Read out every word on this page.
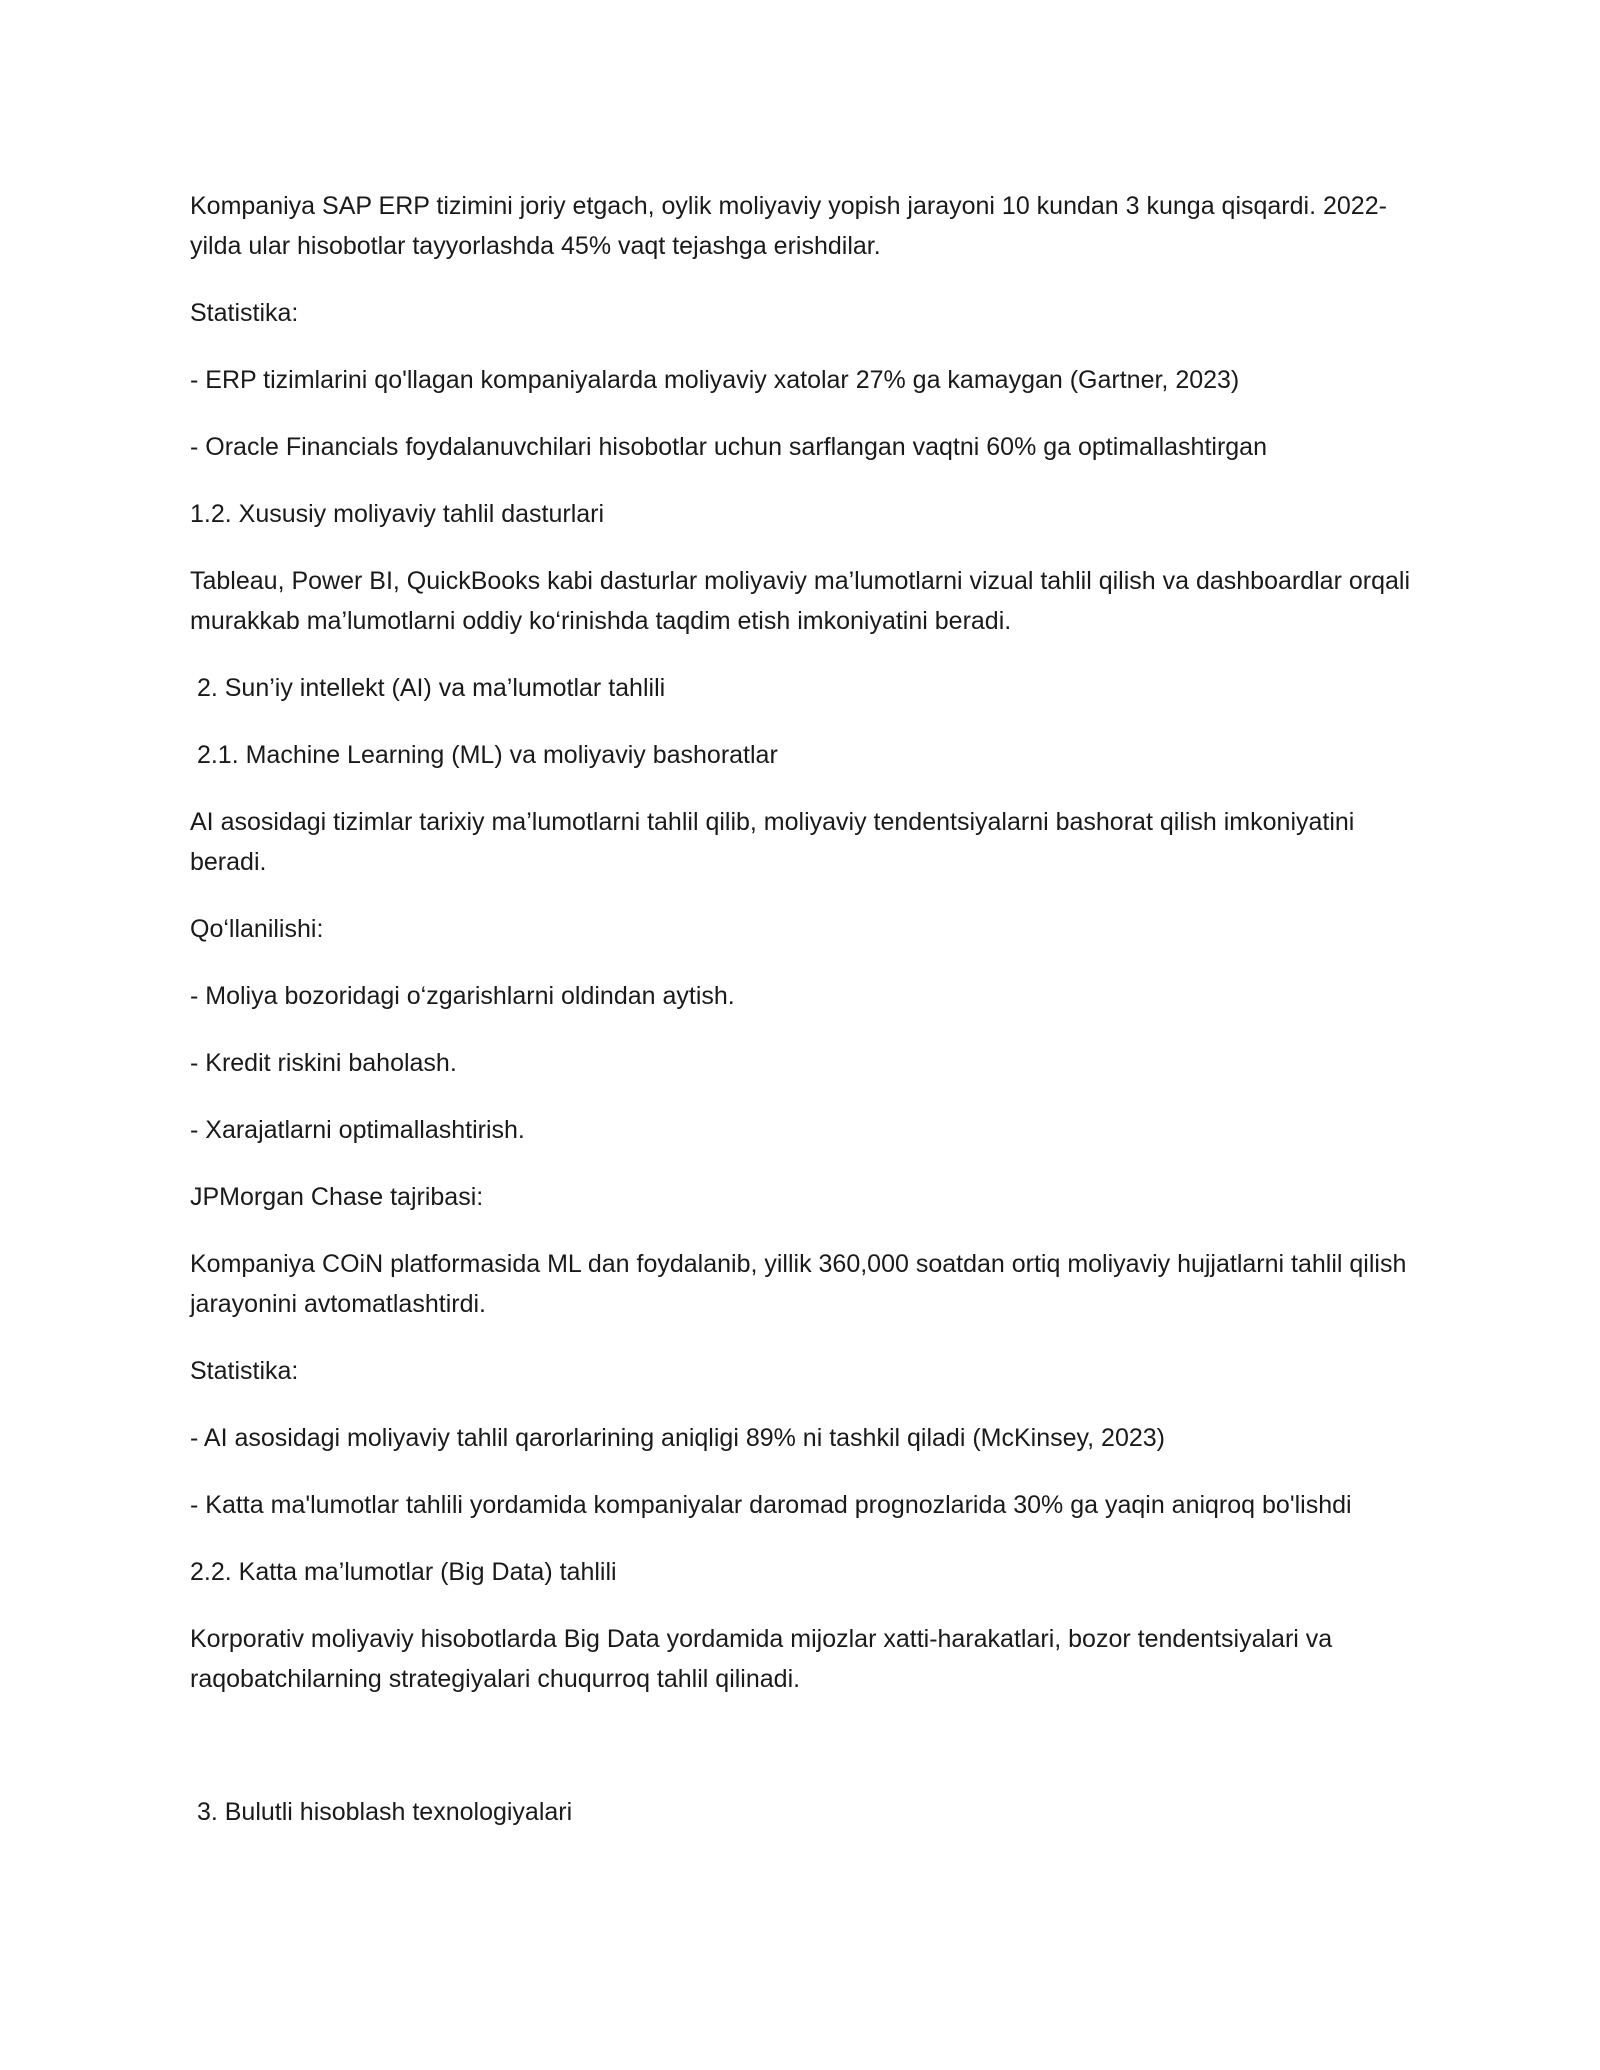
Kompaniya SAP ERP tizimini joriy etgach, oylik moliyaviy yopish jarayoni 10 kundan 3 kunga qisqardi. 2022-yilda ular hisobotlar tayyorlashda 45% vaqt tejashga erishdilar.

Statistika:

- ERP tizimlarini qo'llagan kompaniyalarda moliyaviy xatolar 27% ga kamaygan (Gartner, 2023)

- Oracle Financials foydalanuvchilari hisobotlar uchun sarflangan vaqtni 60% ga optimallashtirgan

1.2. Xususiy moliyaviy tahlil dasturlari

Tableau, Power BI, QuickBooks kabi dasturlar moliyaviy ma’lumotlarni vizual tahlil qilish va dashboardlar orqali murakkab ma’lumotlarni oddiy ko‘rinishda taqdim etish imkoniyatini beradi.

2. Sun’iy intellekt (AI) va ma’lumotlar tahlili

2.1. Machine Learning (ML) va moliyaviy bashoratlar

AI asosidagi tizimlar tarixiy ma’lumotlarni tahlil qilib, moliyaviy tendentsiyalarni bashorat qilish imkoniyatini beradi.

Qo‘llanilishi:

- Moliya bozoridagi o‘zgarishlarni oldindan aytish.

- Kredit riskini baholash.

- Xarajatlarni optimallashtirish.

JPMorgan Chase tajribasi:

Kompaniya COiN platformasida ML dan foydalanib, yillik 360,000 soatdan ortiq moliyaviy hujjatlarni tahlil qilish jarayonini avtomatlashtirdi.

Statistika:

- AI asosidagi moliyaviy tahlil qarorlarining aniqligi 89% ni tashkil qiladi (McKinsey, 2023)

- Katta ma'lumotlar tahlili yordamida kompaniyalar daromad prognozlarida 30% ga yaqin aniqroq bo'lishdi

2.2. Katta ma’lumotlar (Big Data) tahlili

Korporativ moliyaviy hisobotlarda Big Data yordamida mijozlar xatti-harakatlari, bozor tendentsiyalari va raqobatchilarning strategiyalari chuqurroq tahlil qilinadi.

3. Bulutli hisoblash texnologiyalari
